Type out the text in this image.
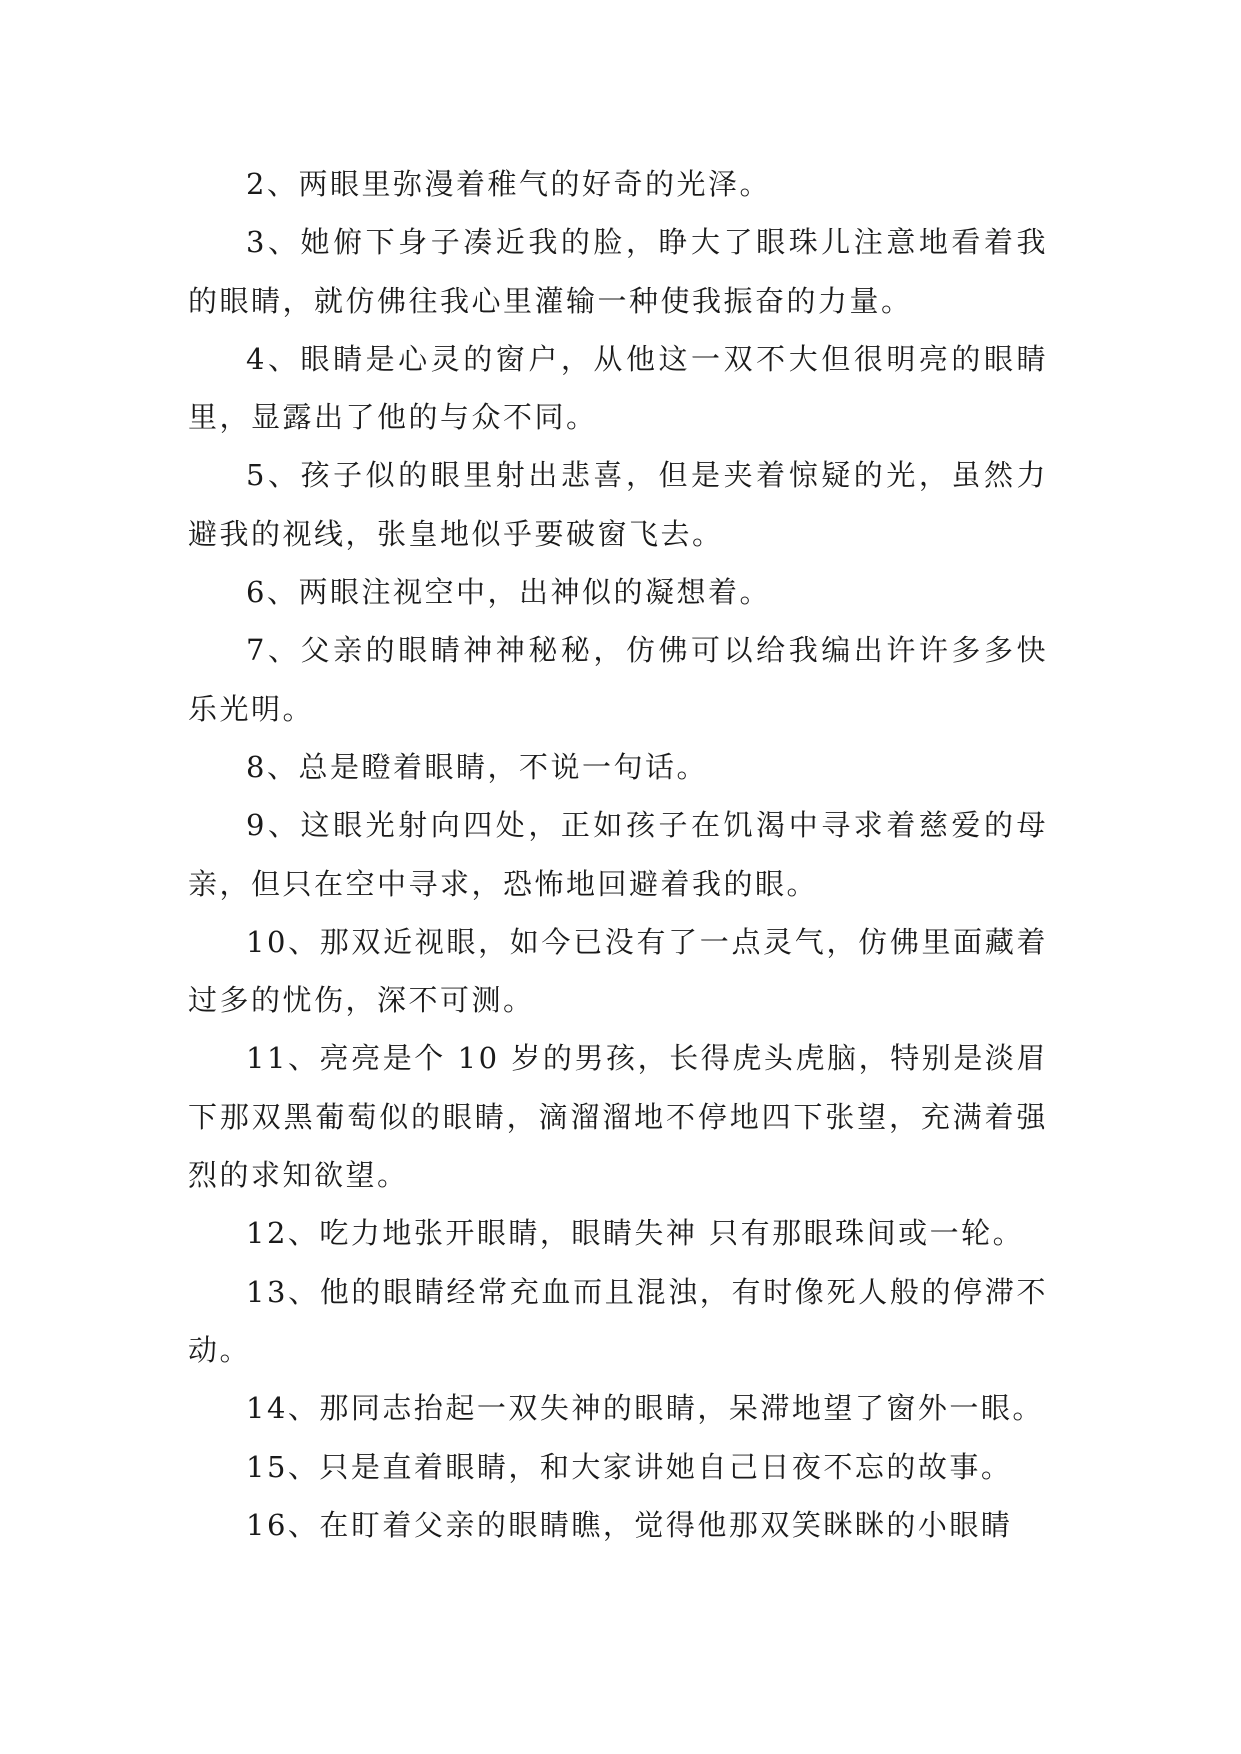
2、两眼里弥漫着稚气的好奇的光泽。

3、她俯下身子凑近我的脸，睁大了眼珠儿注意地看着我的眼睛，就仿佛往我心里灌输一种使我振奋的力量。

4、眼睛是心灵的窗户，从他这一双不大但很明亮的眼睛里，显露出了他的与众不同。

5、孩子似的眼里射出悲喜，但是夹着惊疑的光，虽然力避我的视线，张皇地似乎要破窗飞去。

6、两眼注视空中，出神似的凝想着。

7、父亲的眼睛神神秘秘，仿佛可以给我编出许许多多快乐光明。

8、总是瞪着眼睛，不说一句话。

9、这眼光射向四处，正如孩子在饥渴中寻求着慈爱的母亲，但只在空中寻求，恐怖地回避着我的眼。

10、那双近视眼，如今已没有了一点灵气，仿佛里面藏着过多的忧伤，深不可测。

11、亮亮是个 10 岁的男孩，长得虎头虎脑，特别是淡眉下那双黑葡萄似的眼睛，滴溜溜地不停地四下张望，充满着强烈的求知欲望。

12、吃力地张开眼睛，眼睛失神 只有那眼珠间或一轮。

13、他的眼睛经常充血而且混浊，有时像死人般的停滞不动。

14、那同志抬起一双失神的眼睛，呆滞地望了窗外一眼。

15、只是直着眼睛，和大家讲她自己日夜不忘的故事。

16、在盯着父亲的眼睛瞧，觉得他那双笑眯眯的小眼睛
